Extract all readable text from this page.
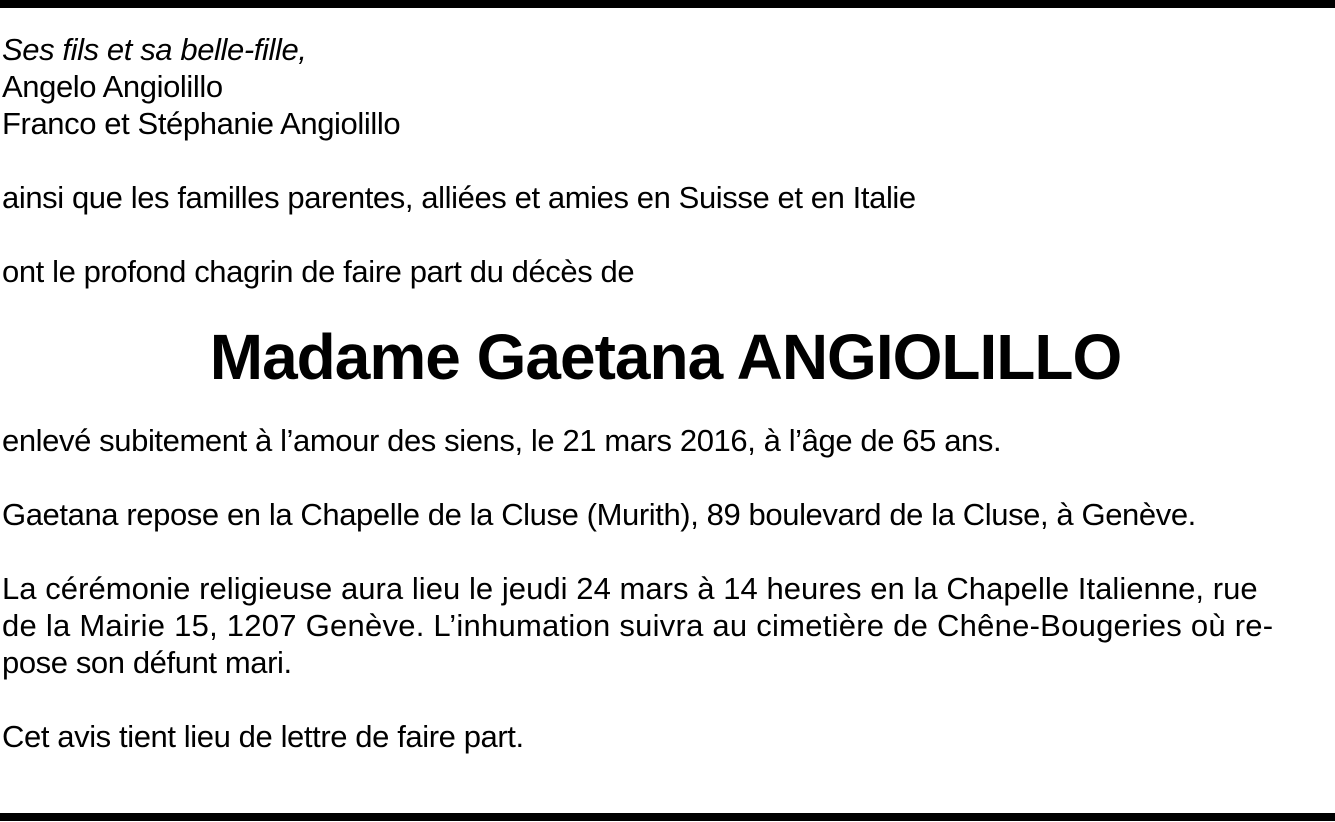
Ses fils et sa belle-fille,
Angelo Angiolillo
Franco et Stéphanie Angiolillo
ainsi que les familles parentes, alliées et amies en Suisse et en Italie
ont le profond chagrin de faire part du décès de
Madame Gaetana ANGIOLILLO
enlevé subitement à l’amour des siens, le 21 mars 2016, à l’âge de 65 ans.
Gaetana repose en la Chapelle de la Cluse (Murith), 89 boulevard de la Cluse, à Genève.
La cérémonie religieuse aura lieu le jeudi 24 mars à 14 heures en la Chapelle Italienne, rue
de la Mairie 15, 1207 Genève. L’inhumation suivra au cimetière de Chêne-Bougeries où re-
pose son défunt mari.
Cet avis tient lieu de lettre de faire part.
